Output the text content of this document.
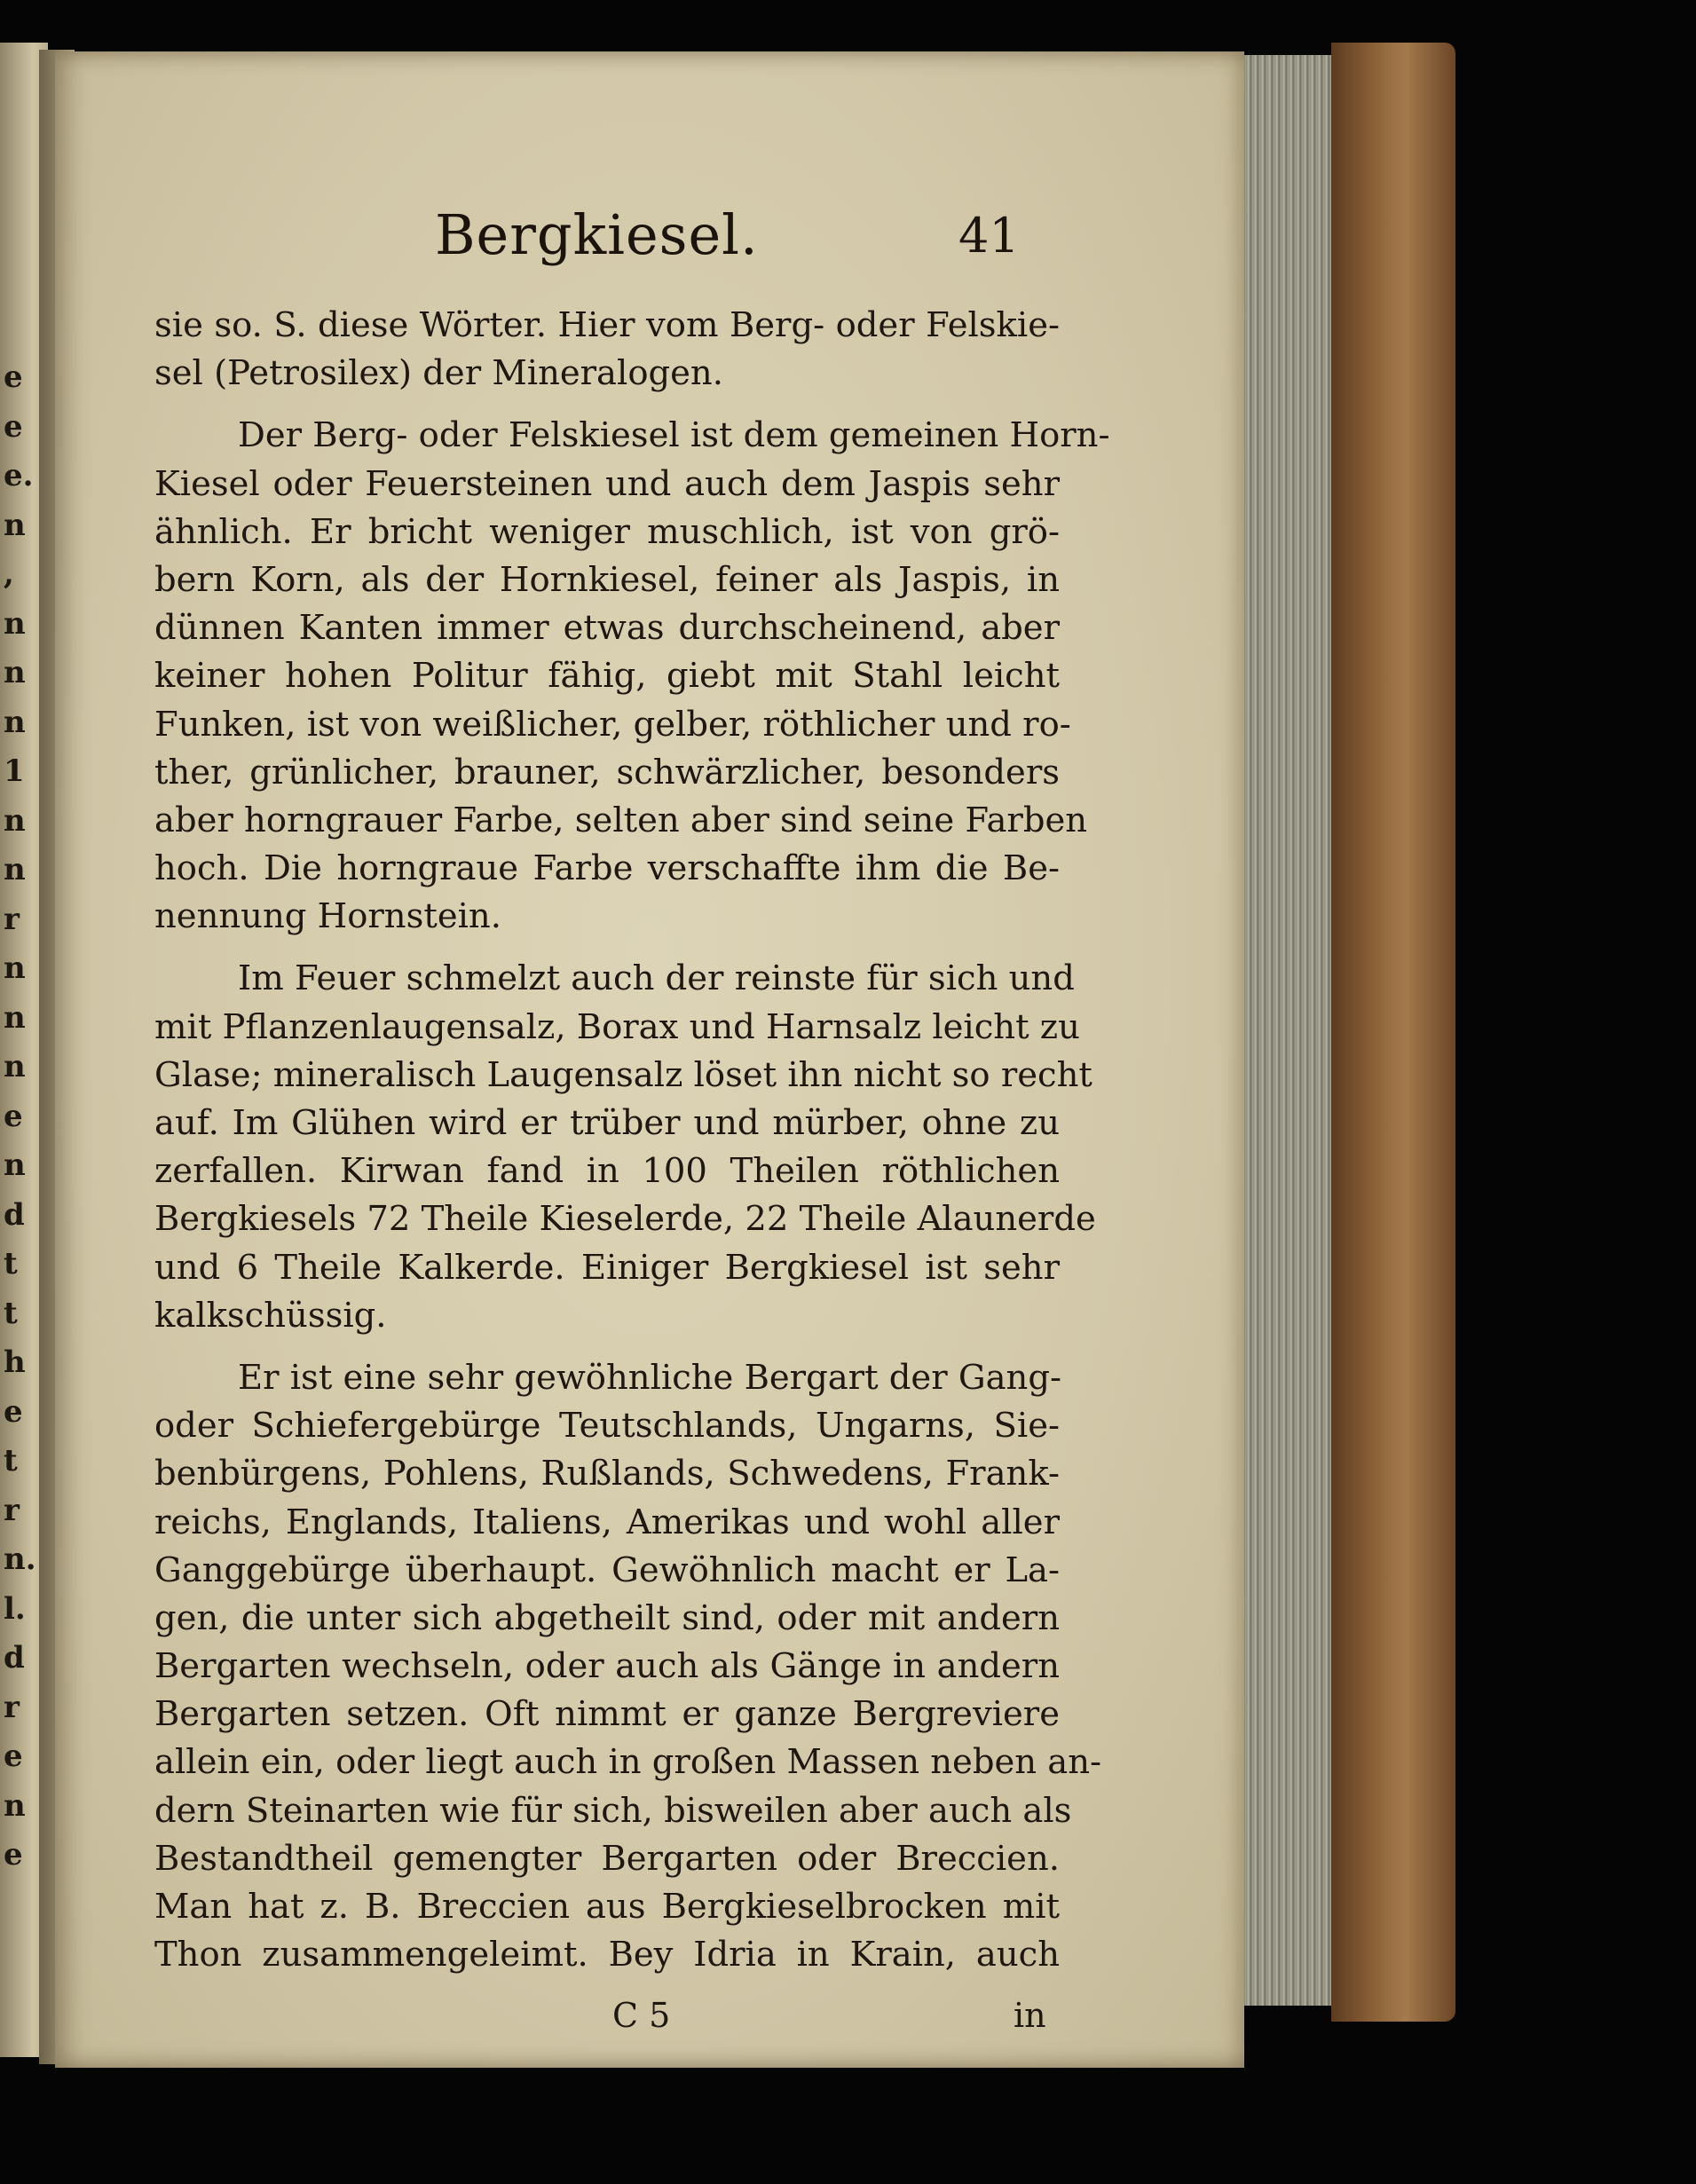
e
e
e.
n
,
n
n
n
1
n
n
r
n
n
n
e
n
d
t
t
h
e
t
r
n.
l.
d
r
e
n
e
Bergkiesel.	41
sie so. S. diese Wörter. Hier vom Berg- oder Felskie-
sel (Petrosilex) der Mineralogen.
Der Berg- oder Felskiesel ist dem gemeinen Horn-
Kiesel oder Feuersteinen und auch dem Jaspis sehr
ähnlich. Er bricht weniger muschlich, ist von grö-
bern Korn, als der Hornkiesel, feiner als Jaspis, in
dünnen Kanten immer etwas durchscheinend, aber
keiner hohen Politur fähig, giebt mit Stahl leicht
Funken, ist von weißlicher, gelber, röthlicher und ro-
ther, grünlicher, brauner, schwärzlicher, besonders
aber horngrauer Farbe, selten aber sind seine Farben
hoch. Die horngraue Farbe verschaffte ihm die Be-
nennung Hornstein.
Im Feuer schmelzt auch der reinste für sich und
mit Pflanzenlaugensalz, Borax und Harnsalz leicht zu
Glase; mineralisch Laugensalz löset ihn nicht so recht
auf. Im Glühen wird er trüber und mürber, ohne zu
zerfallen. Kirwan fand in 100 Theilen röthlichen
Bergkiesels 72 Theile Kieselerde, 22 Theile Alaunerde
und 6 Theile Kalkerde. Einiger Bergkiesel ist sehr
kalkschüssig.
Er ist eine sehr gewöhnliche Bergart der Gang-
oder Schiefergebürge Teutschlands, Ungarns, Sie-
benbürgens, Pohlens, Rußlands, Schwedens, Frank-
reichs, Englands, Italiens, Amerikas und wohl aller
Ganggebürge überhaupt. Gewöhnlich macht er La-
gen, die unter sich abgetheilt sind, oder mit andern
Bergarten wechseln, oder auch als Gänge in andern
Bergarten setzen. Oft nimmt er ganze Bergreviere
allein ein, oder liegt auch in großen Massen neben an-
dern Steinarten wie für sich, bisweilen aber auch als
Bestandtheil gemengter Bergarten oder Breccien.
Man hat z. B. Breccien aus Bergkieselbrocken mit
Thon zusammengeleimt. Bey Idria in Krain, auch
C 5	in
